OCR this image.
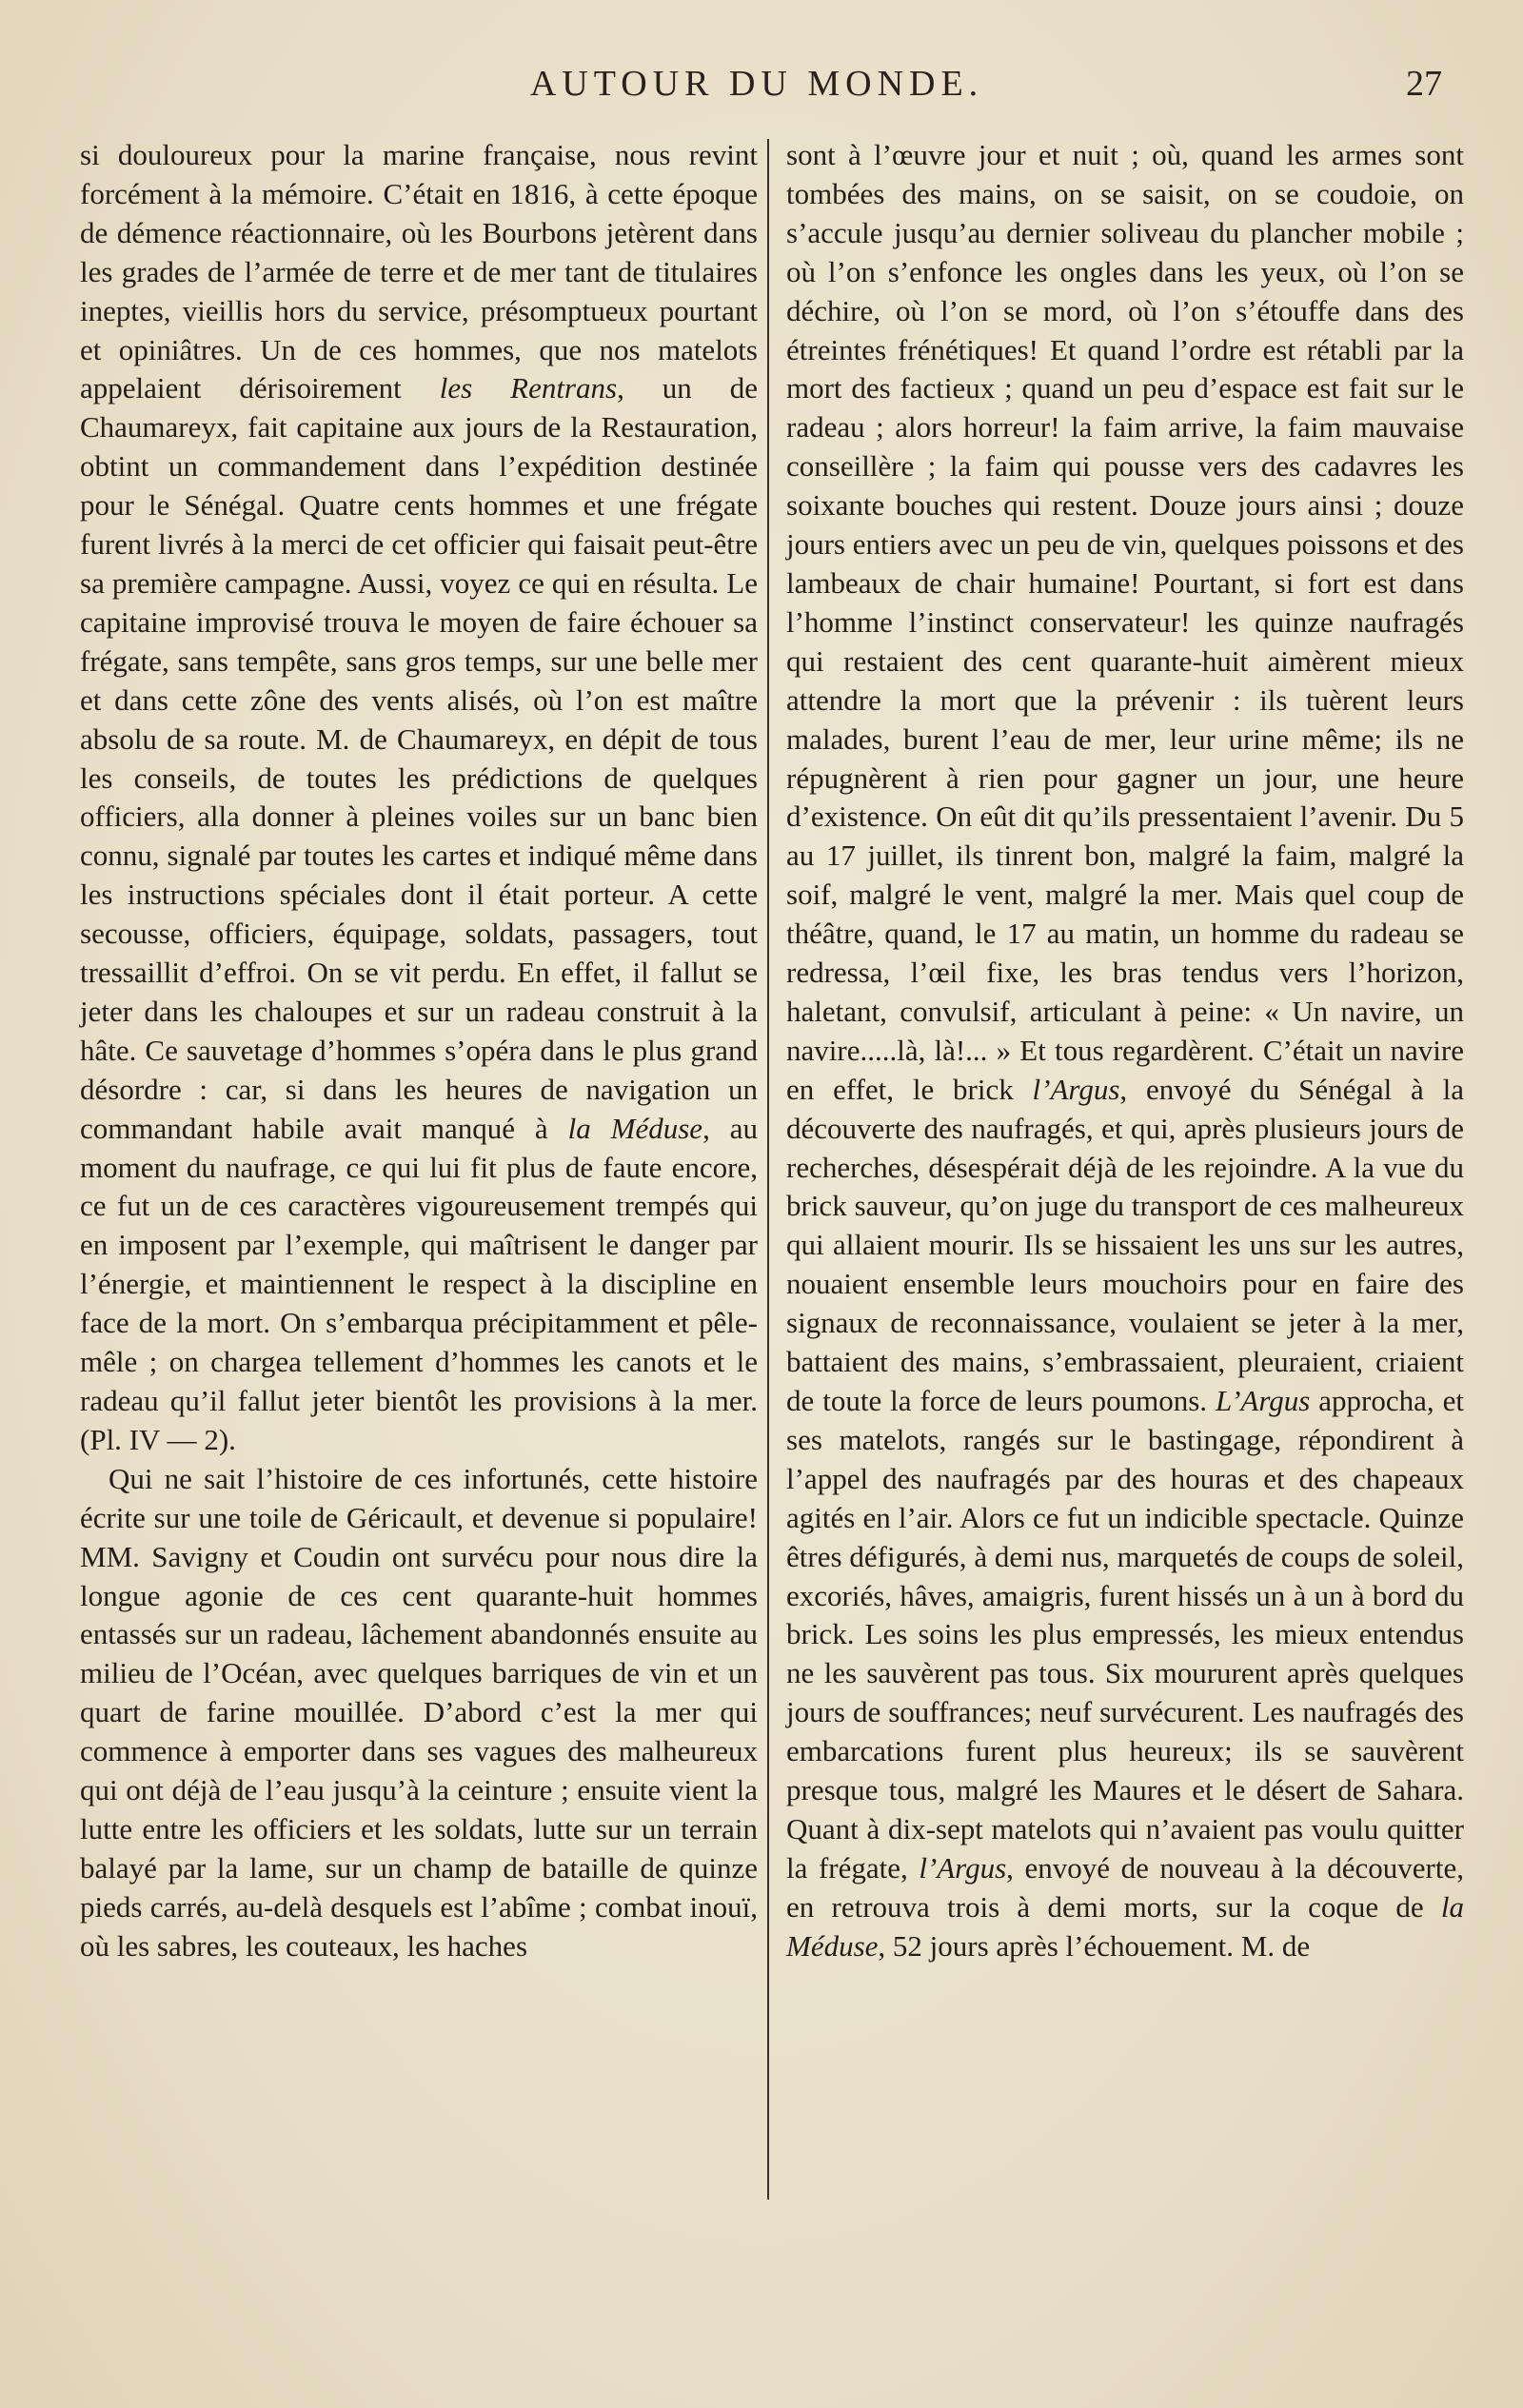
AUTOUR DU MONDE.	27

si douloureux pour la marine française, nous revint forcément à la mémoire. C’était en 1816, à cette époque de démence réactionnaire, où les Bourbons jetèrent dans les grades de l’armée de terre et de mer tant de titulaires ineptes, vieillis hors du service, présomptueux pourtant et opiniâtres. Un de ces hommes, que nos matelots appelaient dérisoirement les Rentrans, un de Chaumareyx, fait capitaine aux jours de la Restauration, obtint un commandement dans l’expédition destinée pour le Sénégal. Quatre cents hommes et une frégate furent livrés à la merci de cet officier qui faisait peut-être sa première campagne. Aussi, voyez ce qui en résulta. Le capitaine improvisé trouva le moyen de faire échouer sa frégate, sans tempête, sans gros temps, sur une belle mer et dans cette zône des vents alisés, où l’on est maître absolu de sa route. M. de Chaumareyx, en dépit de tous les conseils, de toutes les prédictions de quelques officiers, alla donner à pleines voiles sur un banc bien connu, signalé par toutes les cartes et indiqué même dans les instructions spéciales dont il était porteur. A cette secousse, officiers, équipage, soldats, passagers, tout tressaillit d’effroi. On se vit perdu. En effet, il fallut se jeter dans les chaloupes et sur un radeau construit à la hâte. Ce sauvetage d’hommes s’opéra dans le plus grand désordre : car, si dans les heures de navigation un commandant habile avait manqué à la Méduse, au moment du naufrage, ce qui lui fit plus de faute encore, ce fut un de ces caractères vigoureusement trempés qui en imposent par l’exemple, qui maîtrisent le danger par l’énergie, et maintiennent le respect à la discipline en face de la mort. On s’embarqua précipitamment et pêle-mêle ; on chargea tellement d’hommes les canots et le radeau qu’il fallut jeter bientôt les provisions à la mer. (Pl. IV — 2).

Qui ne sait l’histoire de ces infortunés, cette histoire écrite sur une toile de Géricault, et devenue si populaire! MM. Savigny et Coudin ont survécu pour nous dire la longue agonie de ces cent quarante-huit hommes entassés sur un radeau, lâchement abandonnés ensuite au milieu de l’Océan, avec quelques barriques de vin et un quart de farine mouillée. D’abord c’est la mer qui commence à emporter dans ses vagues des malheureux qui ont déjà de l’eau jusqu’à la ceinture ; ensuite vient la lutte entre les officiers et les soldats, lutte sur un terrain balayé par la lame, sur un champ de bataille de quinze pieds carrés, au-delà desquels est l’abîme ; combat inouï, où les sabres, les couteaux, les haches

sont à l’œuvre jour et nuit ; où, quand les armes sont tombées des mains, on se saisit, on se coudoie, on s’accule jusqu’au dernier soliveau du plancher mobile ; où l’on s’enfonce les ongles dans les yeux, où l’on se déchire, où l’on se mord, où l’on s’étouffe dans des étreintes frénétiques! Et quand l’ordre est rétabli par la mort des factieux ; quand un peu d’espace est fait sur le radeau ; alors horreur! la faim arrive, la faim mauvaise conseillère ; la faim qui pousse vers des cadavres les soixante bouches qui restent. Douze jours ainsi ; douze jours entiers avec un peu de vin, quelques poissons et des lambeaux de chair humaine! Pourtant, si fort est dans l’homme l’instinct conservateur! les quinze naufragés qui restaient des cent quarante-huit aimèrent mieux attendre la mort que la prévenir : ils tuèrent leurs malades, burent l’eau de mer, leur urine même; ils ne répugnèrent à rien pour gagner un jour, une heure d’existence. On eût dit qu’ils pressentaient l’avenir. Du 5 au 17 juillet, ils tinrent bon, malgré la faim, malgré la soif, malgré le vent, malgré la mer. Mais quel coup de théâtre, quand, le 17 au matin, un homme du radeau se redressa, l’œil fixe, les bras tendus vers l’horizon, haletant, convulsif, articulant à peine: « Un navire, un navire.....là, là!... » Et tous regardèrent. C’était un navire en effet, le brick l’Argus, envoyé du Sénégal à la découverte des naufragés, et qui, après plusieurs jours de recherches, désespérait déjà de les rejoindre. A la vue du brick sauveur, qu’on juge du transport de ces malheureux qui allaient mourir. Ils se hissaient les uns sur les autres, nouaient ensemble leurs mouchoirs pour en faire des signaux de reconnaissance, voulaient se jeter à la mer, battaient des mains, s’embrassaient, pleuraient, criaient de toute la force de leurs poumons. L’Argus approcha, et ses matelots, rangés sur le bastingage, répondirent à l’appel des naufragés par des houras et des chapeaux agités en l’air. Alors ce fut un indicible spectacle. Quinze êtres défigurés, à demi nus, marquetés de coups de soleil, excoriés, hâves, amaigris, furent hissés un à un à bord du brick. Les soins les plus empressés, les mieux entendus ne les sauvèrent pas tous. Six moururent après quelques jours de souffrances; neuf survécurent. Les naufragés des embarcations furent plus heureux; ils se sauvèrent presque tous, malgré les Maures et le désert de Sahara. Quant à dix-sept matelots qui n’avaient pas voulu quitter la frégate, l’Argus, envoyé de nouveau à la découverte, en retrouva trois à demi morts, sur la coque de la Méduse, 52 jours après l’échouement. M. de
